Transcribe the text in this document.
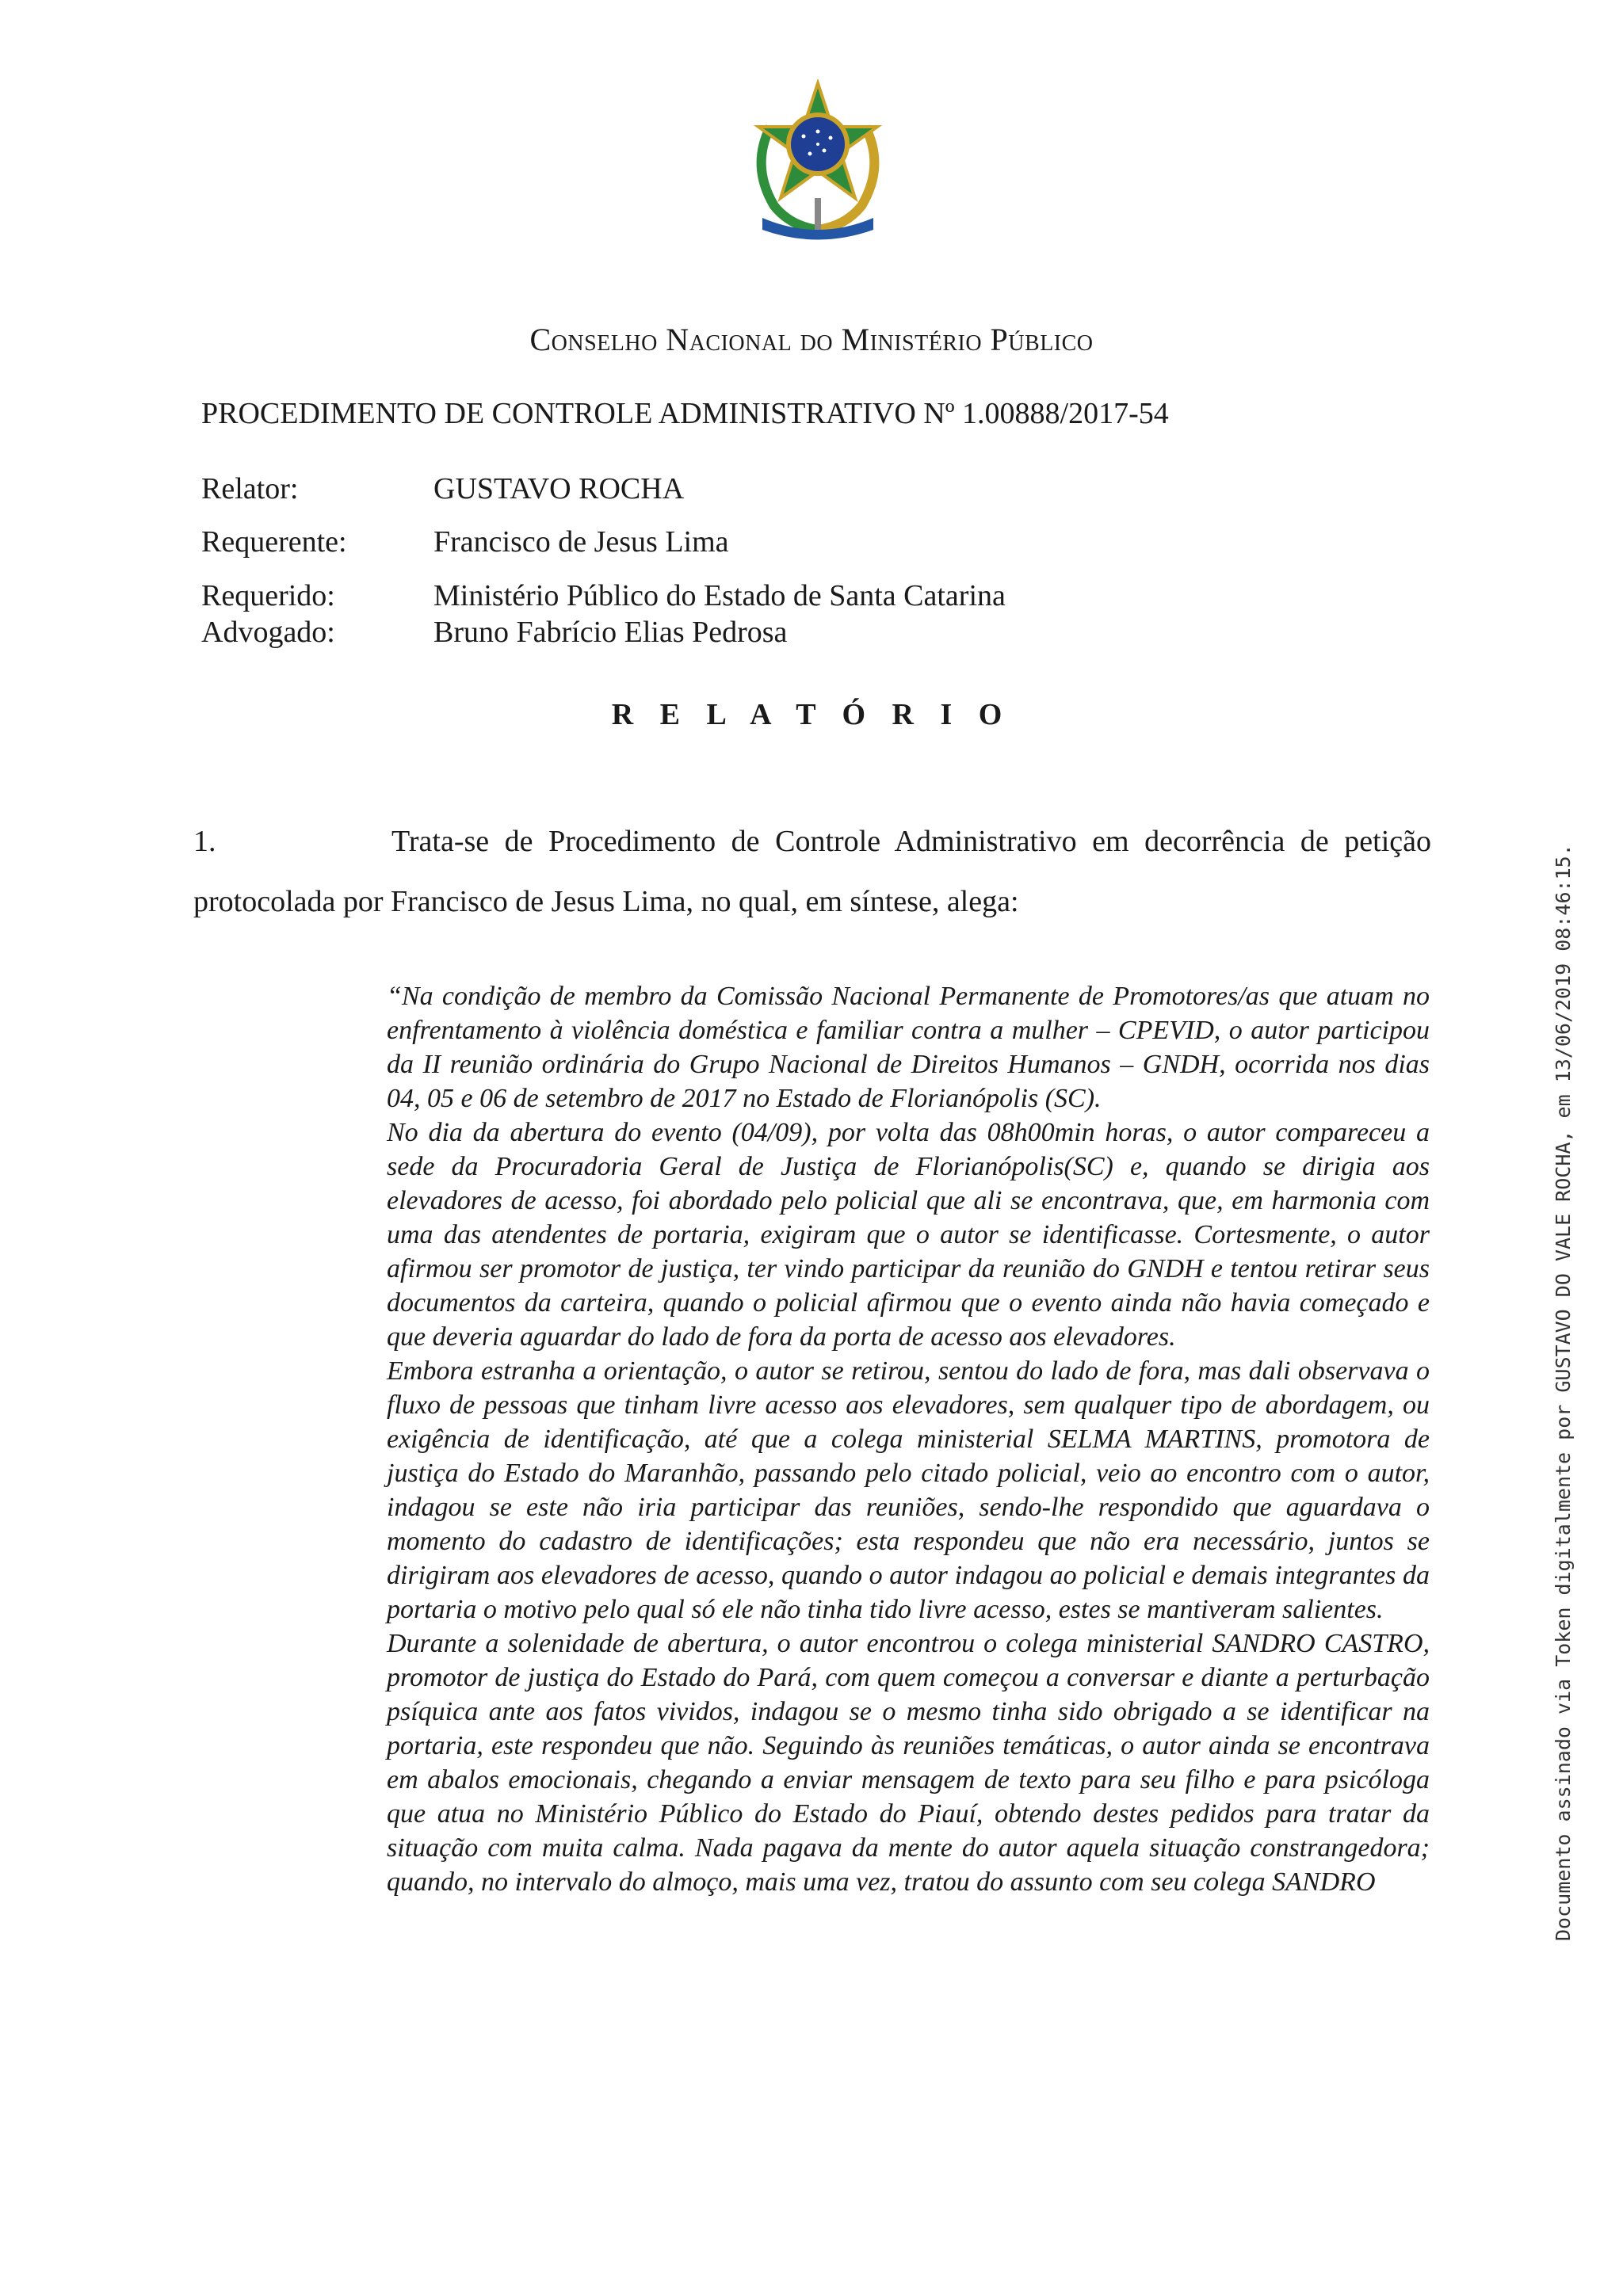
Conselho Nacional do Ministério Público
PROCEDIMENTO DE CONTROLE ADMINISTRATIVO Nº 1.00888/2017-54
Relator:	GUSTAVO ROCHA
Requerente:	Francisco de Jesus Lima
Requerido:	Ministério Público do Estado de Santa Catarina
Advogado:	Bruno Fabrício Elias Pedrosa
R E L A T Ó R I O
1.	Trata-se de Procedimento de Controle Administrativo em decorrência de petição protocolada por Francisco de Jesus Lima, no qual, em síntese, alega:

“Na condição de membro da Comissão Nacional Permanente de Promotores/as que atuam no enfrentamento à violência doméstica e familiar contra a mulher – CPEVID, o autor participou da II reunião ordinária do Grupo Nacional de Direitos Humanos – GNDH, ocorrida nos dias 04, 05 e 06 de setembro de 2017 no Estado de Florianópolis (SC).

No dia da abertura do evento (04/09), por volta das 08h00min horas, o autor compareceu a sede da Procuradoria Geral de Justiça de Florianópolis(SC) e, quando se dirigia aos elevadores de acesso, foi abordado pelo policial que ali se encontrava, que, em harmonia com uma das atendentes de portaria, exigiram que o autor se identificasse. Cortesmente, o autor afirmou ser promotor de justiça, ter vindo participar da reunião do GNDH e tentou retirar seus documentos da carteira, quando o policial afirmou que o evento ainda não havia começado e que deveria aguardar do lado de fora da porta de acesso aos elevadores.

Embora estranha a orientação, o autor se retirou, sentou do lado de fora, mas dali observava o fluxo de pessoas que tinham livre acesso aos elevadores, sem qualquer tipo de abordagem, ou exigência de identificação, até que a colega ministerial SELMA MARTINS, promotora de justiça do Estado do Maranhão, passando pelo citado policial, veio ao encontro com o autor, indagou se este não iria participar das reuniões, sendo-lhe respondido que aguardava o momento do cadastro de identificações; esta respondeu que não era necessário, juntos se dirigiram aos elevadores de acesso, quando o autor indagou ao policial e demais integrantes da portaria o motivo pelo qual só ele não tinha tido livre acesso, estes se mantiveram salientes.

Durante a solenidade de abertura, o autor encontrou o colega ministerial SANDRO CASTRO, promotor de justiça do Estado do Pará, com quem começou a conversar e diante a perturbação psíquica ante aos fatos vividos, indagou se o mesmo tinha sido obrigado a se identificar na portaria, este respondeu que não. Seguindo às reuniões temáticas, o autor ainda se encontrava em abalos emocionais, chegando a enviar mensagem de texto para seu filho e para psicóloga que atua no Ministério Público do Estado do Piauí, obtendo destes pedidos para tratar da situação com muita calma. Nada pagava da mente do autor aquela situação constrangedora; quando, no intervalo do almoço, mais uma vez, tratou do assunto com seu colega SANDRO	Documento assinado via Token digitalmente por GUSTAVO DO VALE ROCHA, em 13/06/2019 08:46:15.
